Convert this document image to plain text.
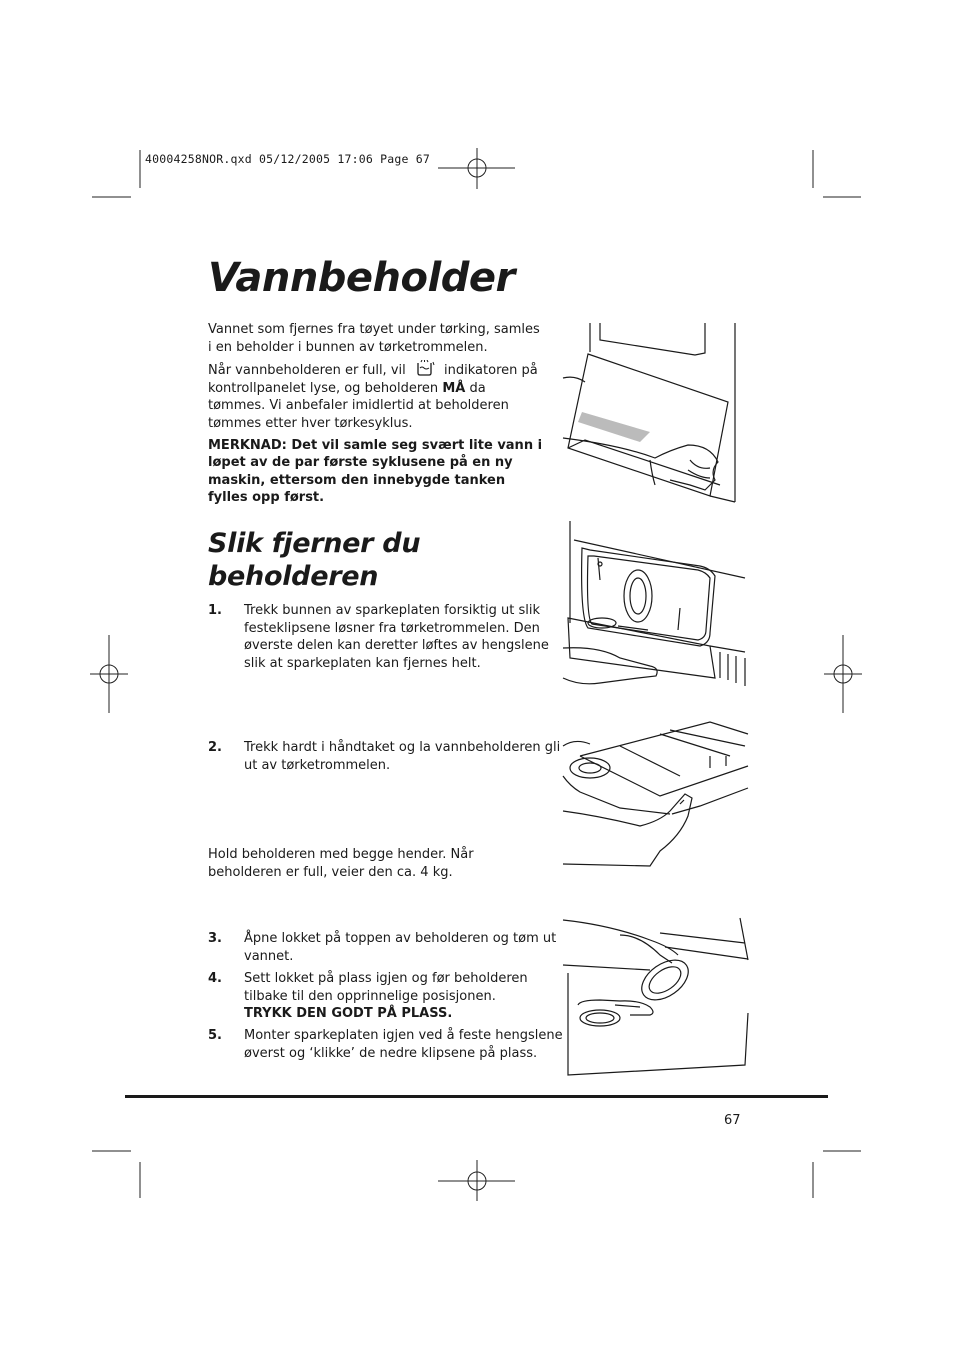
40004258NOR.qxd 05/12/2005 17:06 Page 67
Vannbeholder

Vannet som fjernes fra tøyet under tørking, samles i en beholder i bunnen av tørketrommelen.

Når vannbeholderen er full, vil	indikatoren på kontrollpanelet lyse, og beholderen MÅ da tømmes. Vi anbefaler imidlertid at beholderen tømmes etter hver tørkesyklus.

MERKNAD: Det vil samle seg svært lite vann i løpet av de par første syklusene på en ny maskin, ettersom den innebygde tanken fylles opp først.

Slik fjerner du beholderen
1. Trekk bunnen av sparkeplaten forsiktig ut slik festeklipsene løsner fra tørketrommelen. Den øverste delen kan deretter løftes av hengslene slik at sparkeplaten kan fjernes helt.
2. Trekk hardt i håndtaket og la vannbeholderen gli ut av tørketrommelen.
Hold beholderen med begge hender. Når beholderen er full, veier den ca. 4 kg.
3. Åpne lokket på toppen av beholderen og tøm ut vannet.
4. Sett lokket på plass igjen og før beholderen tilbake til den opprinnelige posisjonen.
TRYKK DEN GODT PÅ PLASS.
5. Monter sparkeplaten igjen ved å feste hengslene øverst og ‘klikke’ de nedre klipsene på plass.
67
